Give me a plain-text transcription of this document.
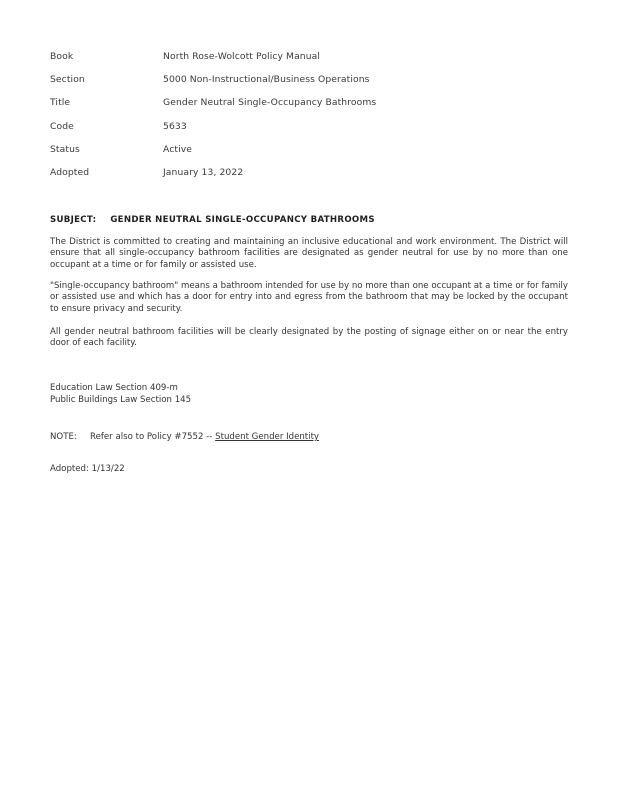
Book	North Rose-Wolcott Policy Manual
Section	5000 Non-Instructional/Business Operations
Title	Gender Neutral Single-Occupancy Bathrooms
Code	5633
Status	Active
Adopted	January 13, 2022
SUBJECT: GENDER NEUTRAL SINGLE-OCCUPANCY BATHROOMS

The District is committed to creating and maintaining an inclusive educational and work environment. The District will ensure that all single-occupancy bathroom facilities are designated as gender neutral for use by no more than one occupant at a time or for family or assisted use.

"Single-occupancy bathroom" means a bathroom intended for use by no more than one occupant at a time or for family or assisted use and which has a door for entry into and egress from the bathroom that may be locked by the occupant to ensure privacy and security.

All gender neutral bathroom facilities will be clearly designated by the posting of signage either on or near the entry door of each facility.

Education Law Section 409-m
Public Buildings Law Section 145
NOTE: Refer also to Policy #7552 -- Student Gender Identity
Adopted: 1/13/22
